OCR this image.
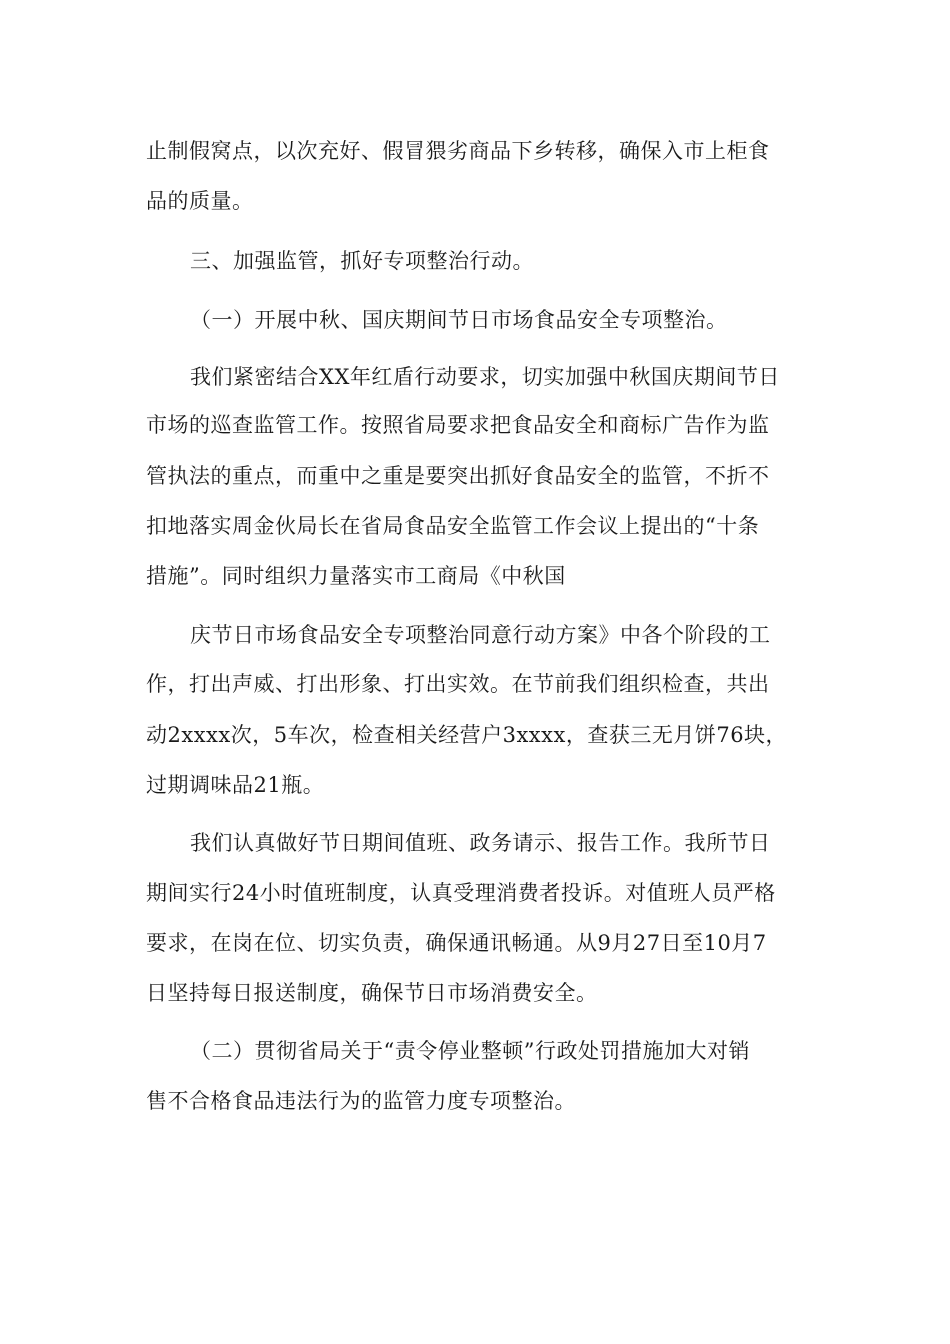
止制假窝点，以次充好、假冒猥劣商品下乡转移，确保入市上柜食
品的质量。
三、加强监管，抓好专项整治行动。
（一）开展中秋、国庆期间节日市场食品安全专项整治。
我们紧密结合XX年红盾行动要求，切实加强中秋国庆期间节日
市场的巡查监管工作。按照省局要求把食品安全和商标广告作为监
管执法的重点，而重中之重是要突出抓好食品安全的监管，不折不
扣地落实周金伙局长在省局食品安全监管工作会议上提出的“十条
措施”。同时组织力量落实市工商局《中秋国
庆节日市场食品安全专项整治同意行动方案》中各个阶段的工
作，打出声威、打出形象、打出实效。在节前我们组织检查，共出
动2xxxx次，5车次，检查相关经营户3xxxx，查获三无月饼76块，
过期调味品21瓶。
我们认真做好节日期间值班、政务请示、报告工作。我所节日
期间实行24小时值班制度，认真受理消费者投诉。对值班人员严格
要求，在岗在位、切实负责，确保通讯畅通。从9月27日至10月7
日坚持每日报送制度，确保节日市场消费安全。
（二）贯彻省局关于“责令停业整顿”行政处罚措施加大对销
售不合格食品违法行为的监管力度专项整治。
